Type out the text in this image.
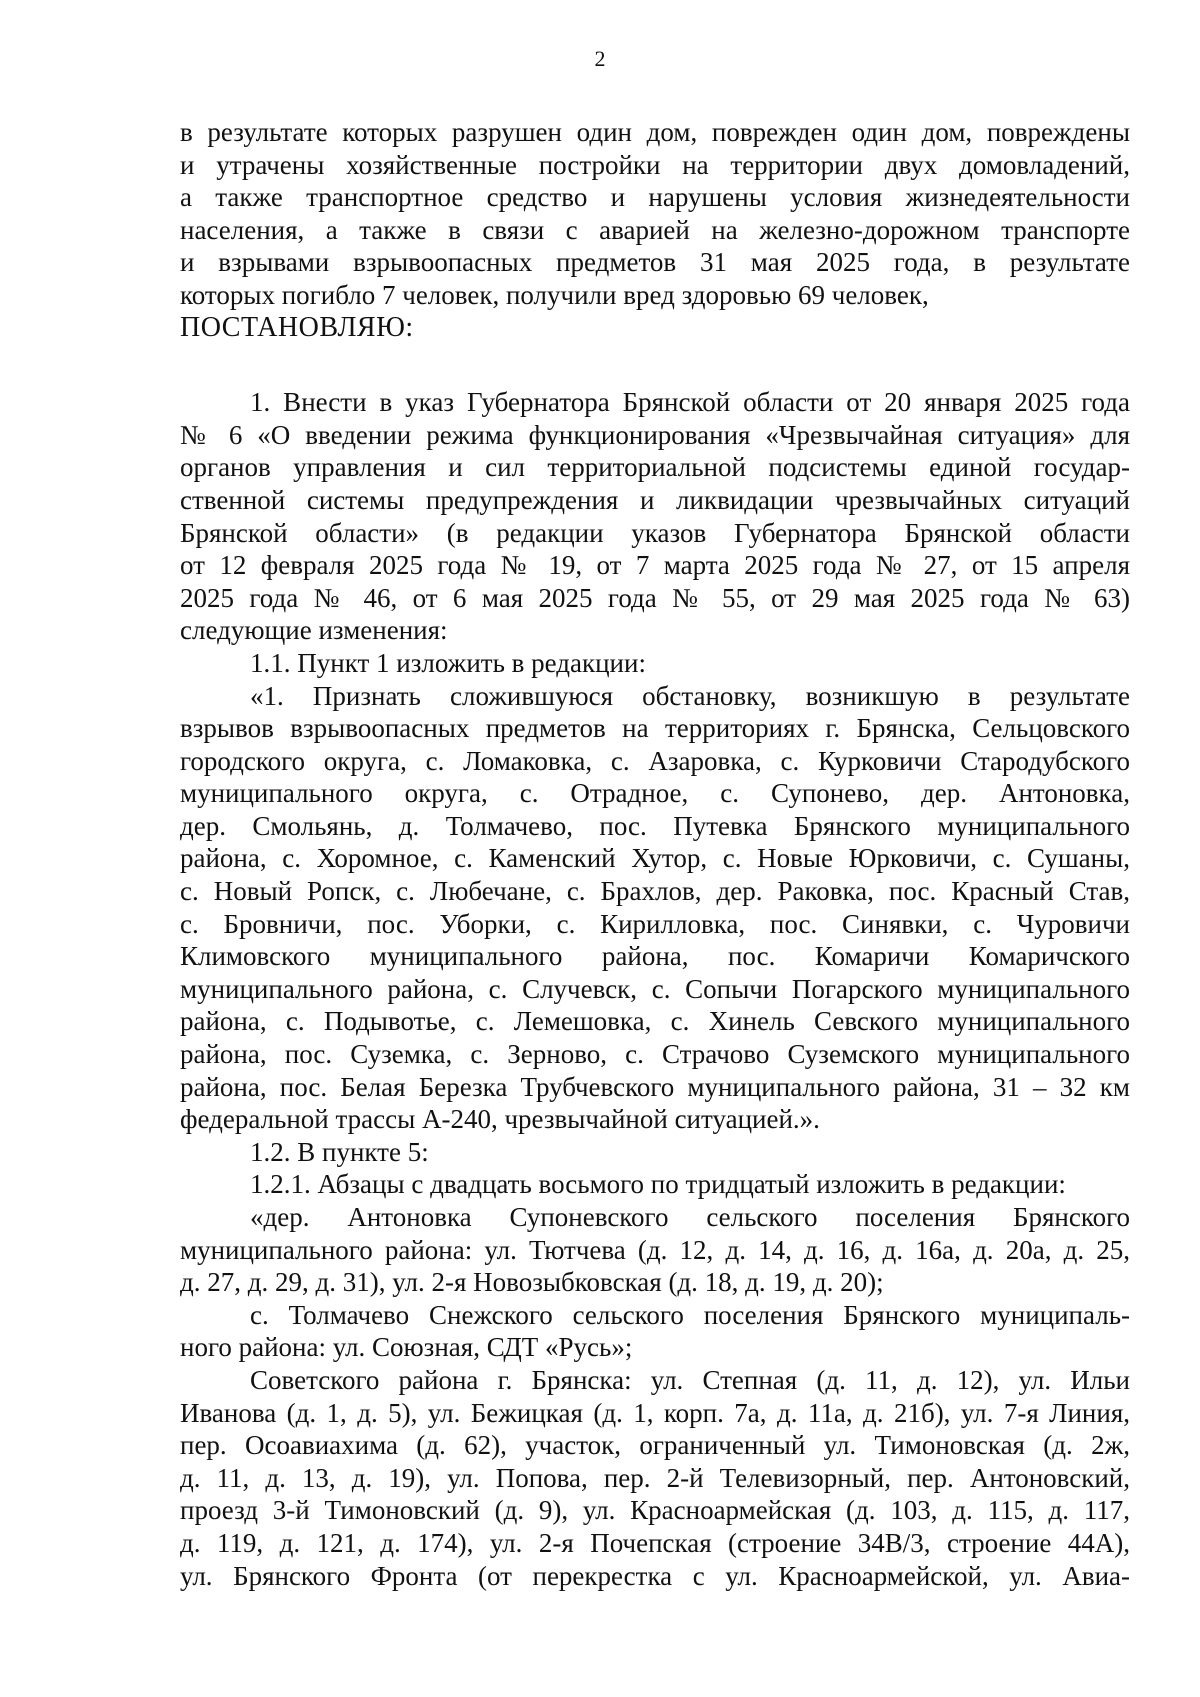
2
в результате которых разрушен один дом, поврежден один дом, повреждены
и утрачены хозяйственные постройки на территории двух домовладений,
а также транспортное средство и нарушены условия жизнедеятельности
населения, а также в связи с аварией на железно-дорожном транспорте
и взрывами взрывоопасных предметов 31 мая 2025 года, в результате
которых погибло 7 человек, получили вред здоровью 69 человек,
ПОСТАНОВЛЯЮ:
1. Внести в указ Губернатора Брянской области от 20 января 2025 года
№ 6 «О введении режима функционирования «Чрезвычайная ситуация» для
органов управления и сил территориальной подсистемы единой государ-
ственной системы предупреждения и ликвидации чрезвычайных ситуаций
Брянской области» (в редакции указов Губернатора Брянской области
от 12 февраля 2025 года № 19, от 7 марта 2025 года № 27, от 15 апреля
2025 года № 46, от 6 мая 2025 года № 55, от 29 мая 2025 года № 63)
следующие изменения:
1.1. Пункт 1 изложить в редакции:
«1. Признать сложившуюся обстановку, возникшую в результате
взрывов взрывоопасных предметов на территориях г. Брянска, Сельцовского
городского округа, с. Ломаковка, с. Азаровка, с. Курковичи Стародубского
муниципального округа, с. Отрадное, с. Супонево, дер. Антоновка,
дер. Смольянь, д. Толмачево, пос. Путевка Брянского муниципального
района, с. Хоромное, с. Каменский Хутор, с. Новые Юрковичи, с. Сушаны,
с. Новый Ропск, с. Любечане, с. Брахлов, дер. Раковка, пос. Красный Став,
с. Бровничи, пос. Уборки, с. Кирилловка, пос. Синявки, с. Чуровичи
Климовского муниципального района, пос. Комаричи Комаричского
муниципального района, с. Случевск, с. Сопычи Погарского муниципального
района, с. Подывотье, с. Лемешовка, с. Хинель Севского муниципального
района, пос. Суземка, с. Зерново, с. Страчово Суземского муниципального
района, пос. Белая Березка Трубчевского муниципального района, 31 – 32 км
федеральной трассы А-240, чрезвычайной ситуацией.».
1.2. В пункте 5:
1.2.1. Абзацы с двадцать восьмого по тридцатый изложить в редакции:
«дер. Антоновка Супоневского сельского поселения Брянского
муниципального района: ул. Тютчева (д. 12, д. 14, д. 16, д. 16а, д. 20а, д. 25,
д. 27, д. 29, д. 31), ул. 2-я Новозыбковская (д. 18, д. 19, д. 20);
с. Толмачево Снежского сельского поселения Брянского муниципаль-
ного района: ул. Союзная, СДТ «Русь»;
Советского района г. Брянска: ул. Степная (д. 11, д. 12), ул. Ильи
Иванова (д. 1, д. 5), ул. Бежицкая (д. 1, корп. 7а, д. 11а, д. 21б), ул. 7-я Линия,
пер. Осоавиахима (д. 62), участок, ограниченный ул. Тимоновская (д. 2ж,
д. 11, д. 13, д. 19), ул. Попова, пер. 2-й Телевизорный, пер. Антоновский,
проезд 3-й Тимоновский (д. 9), ул. Красноармейская (д. 103, д. 115, д. 117,
д. 119, д. 121, д. 174), ул. 2-я Почепская (строение 34В/3, строение 44А),
ул. Брянского Фронта (от перекрестка с ул. Красноармейской, ул. Авиа-
